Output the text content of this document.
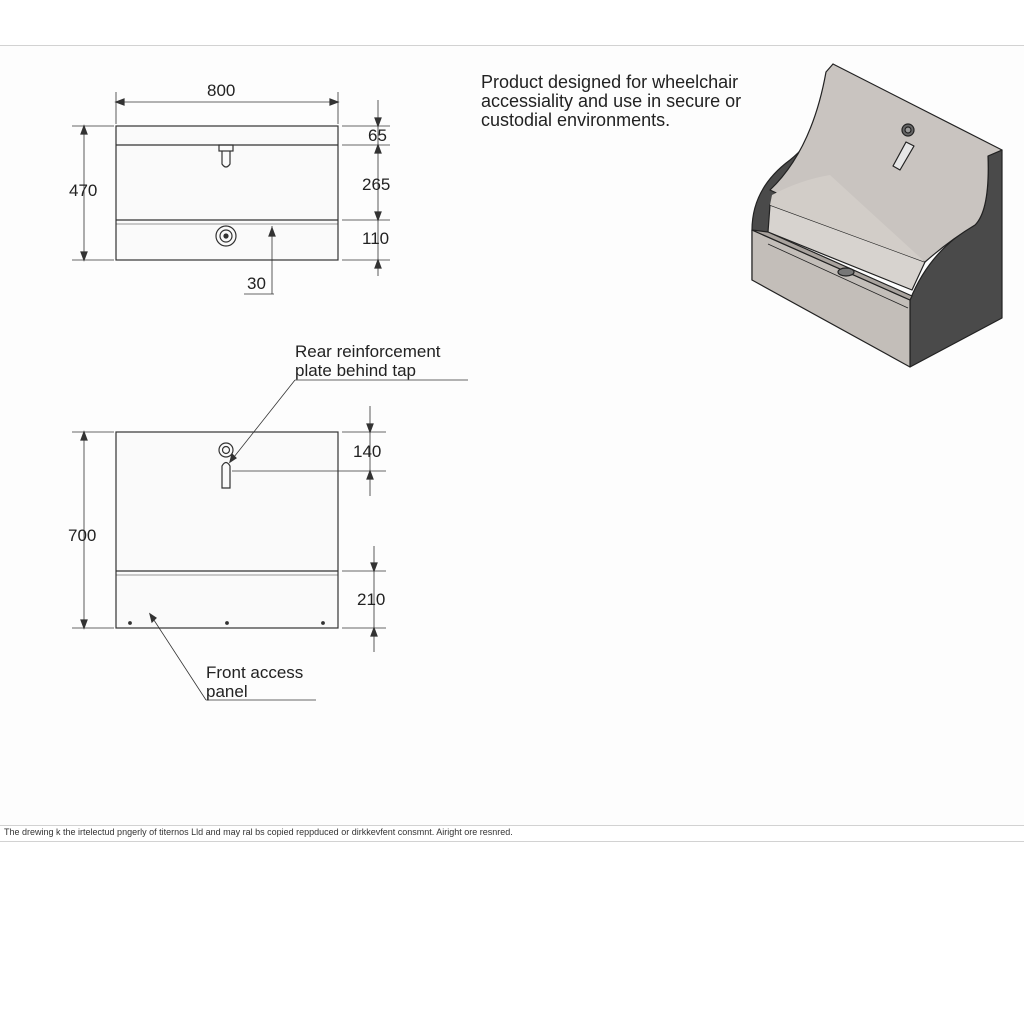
800
470
65
265
110
30
700
140
210
Rear reinforcement
plate behind tap
Front access
panel
Product designed for wheelchair
accessiality and use in secure or
custodial environments.
The drewing k the irtelectud pngerly of titernos Lld and may ral bs copied reppduced or dirkkevfent consmnt. Airight ore resnred.
